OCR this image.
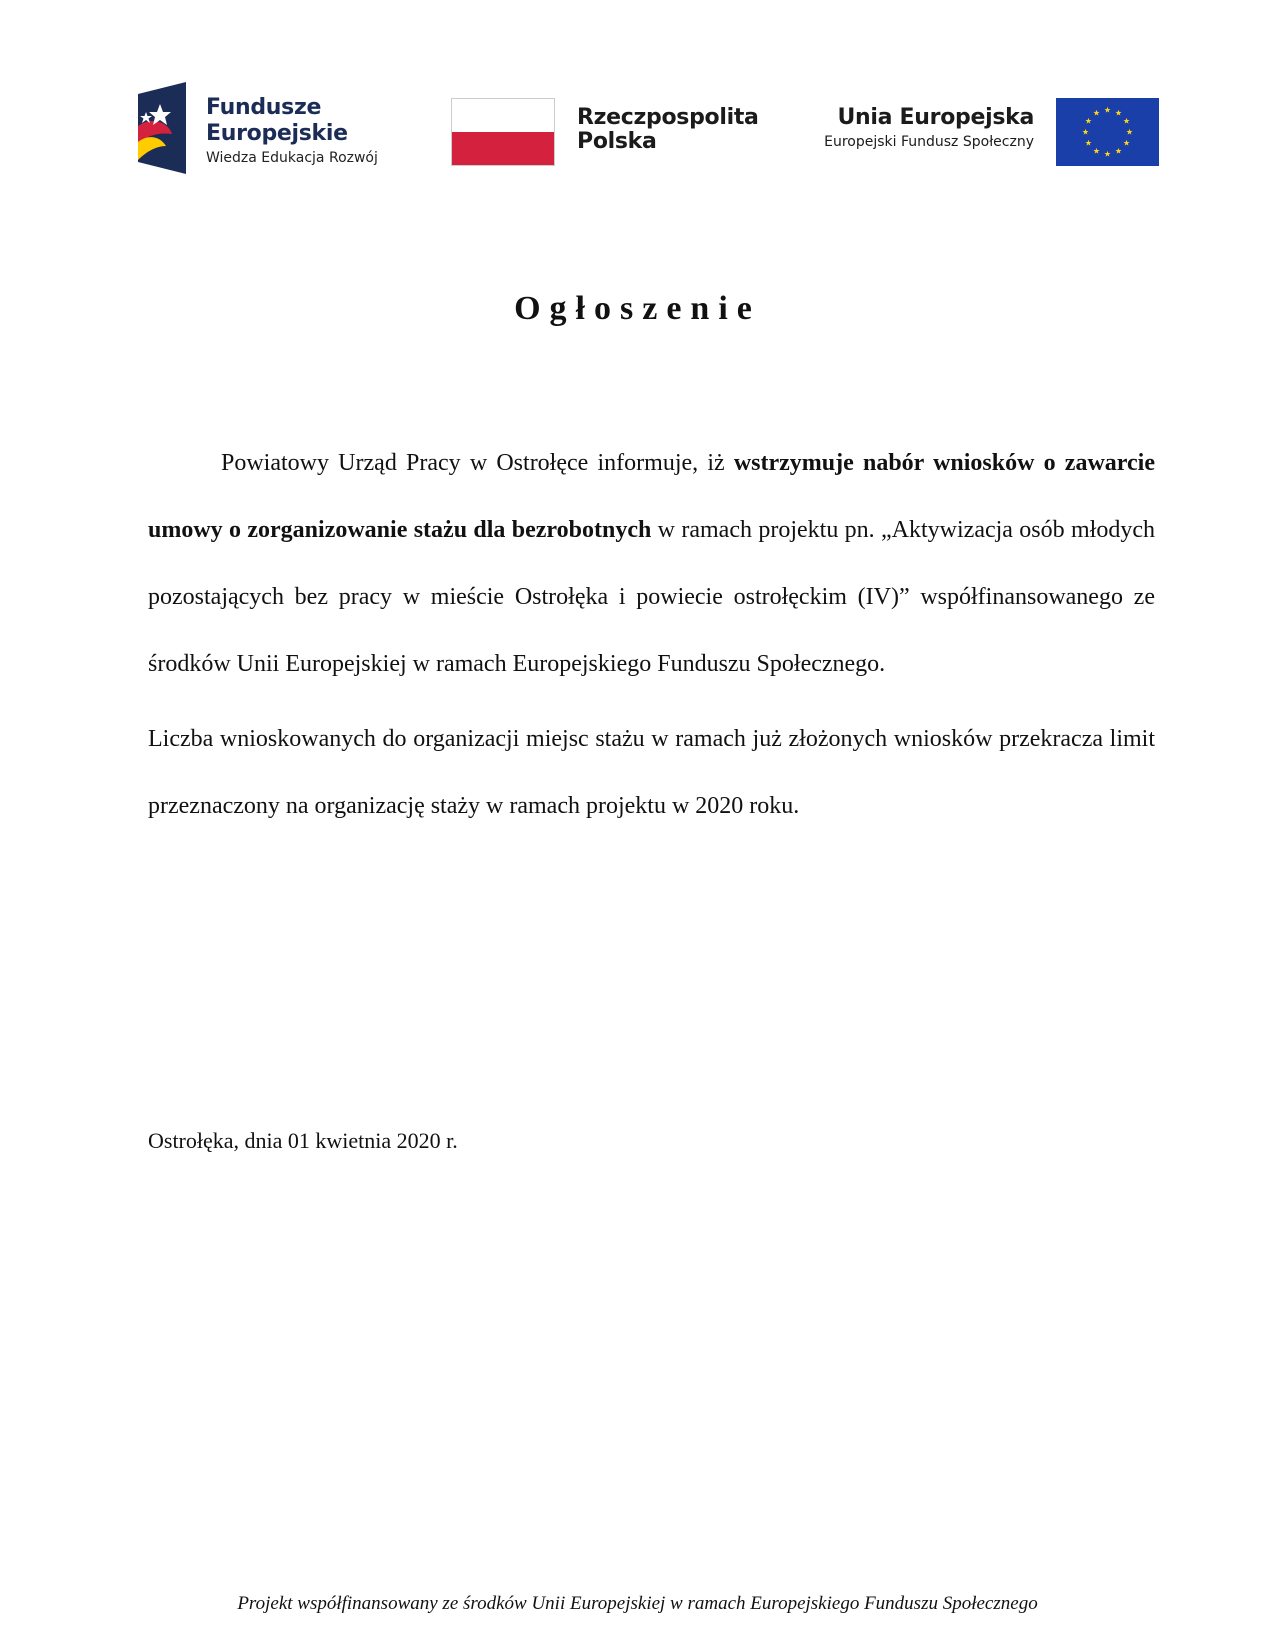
Fundusze
Europejskie
Wiedza Edukacja Rozwój
Rzeczpospolita
Polska
Unia Europejska
Europejski Fundusz Społeczny
Ogłoszenie

Powiatowy Urząd Pracy w Ostrołęce informuje, iż wstrzymuje nabór wniosków o zawarcie umowy o zorganizowanie stażu dla bezrobotnych w ramach projektu pn. „Aktywizacja osób młodych pozostających bez pracy w mieście Ostrołęka i powiecie ostrołęckim (IV)” współfinansowanego ze środków Unii Europejskiej w ramach Europejskiego Funduszu Społecznego.

Liczba wnioskowanych do organizacji miejsc stażu w ramach już złożonych wniosków przekracza limit przeznaczony na organizację staży w ramach projektu w 2020 roku.

Ostrołęka, dnia 01 kwietnia 2020 r.
Projekt współfinansowany ze środków Unii Europejskiej w ramach Europejskiego Funduszu Społecznego
